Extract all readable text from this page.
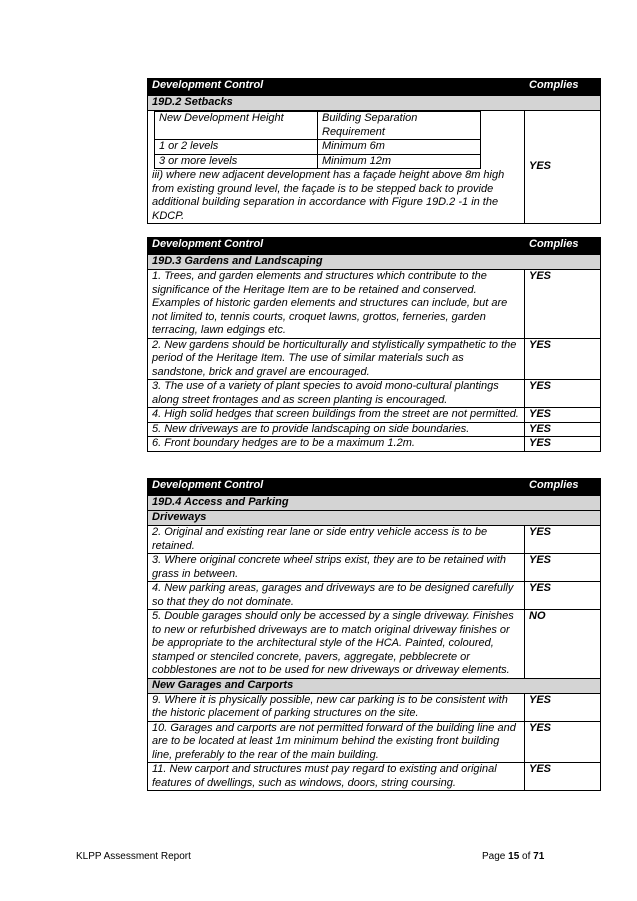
Development Control	Complies
19D.2 Setbacks

New Development Height	Building Separation Requirement
1 or 2 levels	Minimum 6m
3 or more levels	Minimum 12m
iii) where new adjacent development has a façade height above 8m high from existing ground level, the façade is to be stepped back to provide additional building separation in accordance with Figure 19D.2 -1 in the KDCP.
	YES
Development Control	Complies
19D.3 Gardens and Landscaping	
1. Trees, and garden elements and structures which contribute to the significance of the Heritage Item are to be retained and conserved. Examples of historic garden elements and structures can include, but are not limited to, tennis courts, croquet lawns, grottos, ferneries, garden terracing, lawn edgings etc.	YES
2. New gardens should be horticulturally and stylistically sympathetic to the period of the Heritage Item. The use of similar materials such as sandstone, brick and gravel are encouraged.	YES
3. The use of a variety of plant species to avoid mono-cultural plantings along street frontages and as screen planting is encouraged.	YES
4. High solid hedges that screen buildings from the street are not permitted.	YES
5. New driveways are to provide landscaping on side boundaries.	YES
6. Front boundary hedges are to be a maximum 1.2m.	YES
Development Control	Complies
19D.4 Access and Parking	
Driveways	
2. Original and existing rear lane or side entry vehicle access is to be retained.	YES
3. Where original concrete wheel strips exist, they are to be retained with grass in between.	YES
4. New parking areas, garages and driveways are to be designed carefully so that they do not dominate.	YES
5. Double garages should only be accessed by a single driveway. Finishes to new or refurbished driveways are to match original driveway finishes or be appropriate to the architectural style of the HCA. Painted, coloured, stamped or stenciled concrete, pavers, aggregate, pebblecrete or cobblestones are not to be used for new driveways or driveway elements.	NO
New Garages and Carports	
9. Where it is physically possible, new car parking is to be consistent with the historic placement of parking structures on the site.	YES
10. Garages and carports are not permitted forward of the building line and are to be located at least 1m minimum behind the existing front building line, preferably to the rear of the main building.	YES
11. New carport and structures must pay regard to existing and original features of dwellings, such as windows, doors, string coursing.	YES
KLPP Assessment Report	Page 15 of 71
